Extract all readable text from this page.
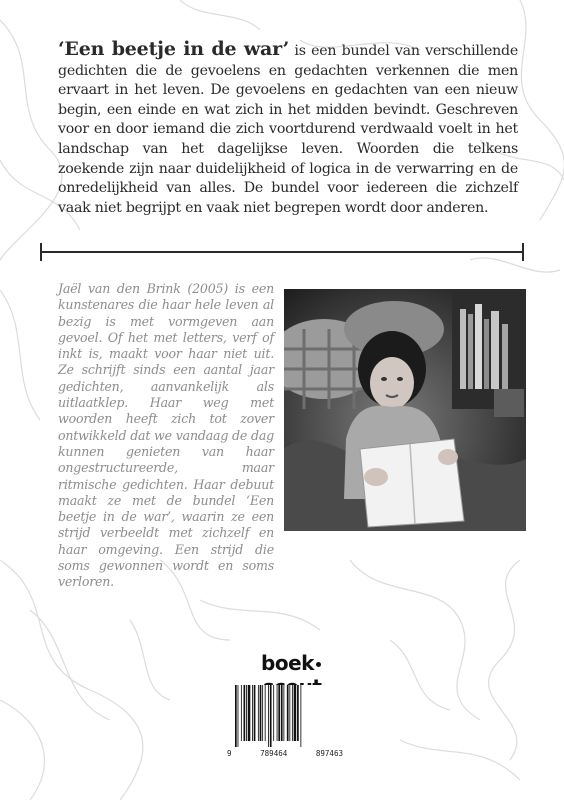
‘Een beetje in de war’ is een bundel van verschillende gedichten die de gevoelens en gedachten verkennen die men ervaart in het leven. De gevoelens en gedachten van een nieuw begin, een einde en wat zich in het midden bevindt. Geschreven voor en door iemand die zich voortdurend verdwaald voelt in het landschap van het dagelijkse leven. Woorden die telkens zoekende zijn naar duidelijkheid of logica in de verwarring en de onredelijkheid van alles. De bundel voor iedereen die zichzelf vaak niet begrijpt en vaak niet begrepen wordt door anderen.

Jaël van den Brink (2005) is een kunstenares die haar hele leven al bezig is met vormgeven aan gevoel. Of het met letters, verf of inkt is, maakt voor haar niet uit. Ze schrijft sinds een aantal jaar gedichten, aanvankelijk als uitlaatklep. Haar weg met woorden heeft zich tot zover ontwikkeld dat we vandaag de dag kunnen genieten van haar ongestructureerde, maar ritmische gedichten. Haar debuut maakt ze met de bundel ‘Een beetje in de war’, waarin ze een strijd verbeeldt met zichzelf en haar omgeving. Een strijd die soms gewonnen wordt en soms verloren.

boek
9	789464	897463
